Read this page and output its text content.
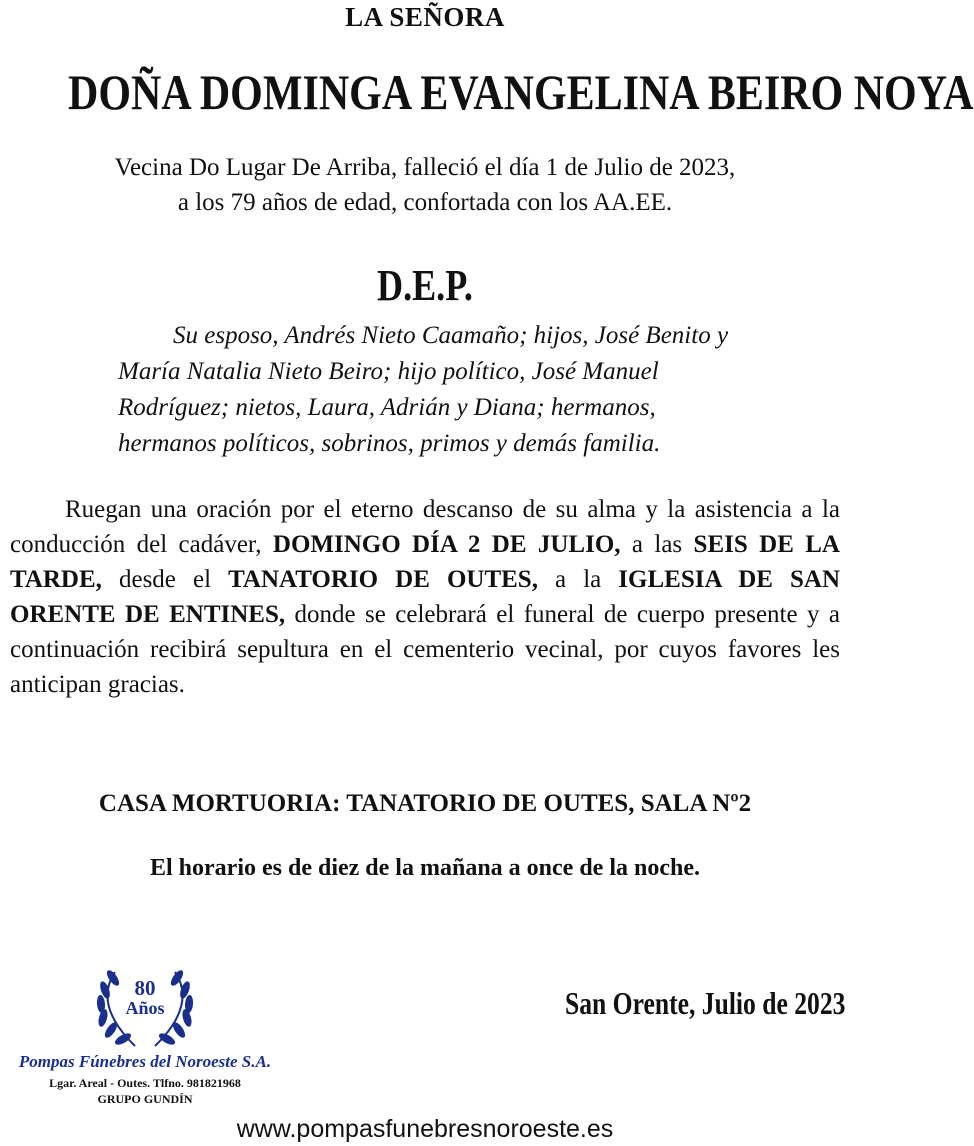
LA SEÑORA
DOÑA DOMINGA EVANGELINA BEIRO NOYA
Vecina Do Lugar De Arriba, falleció el día 1 de Julio de 2023,
a los 79 años de edad, confortada con los AA.EE.
D.E.P.
Su esposo, Andrés Nieto Caamaño; hijos, José Benito y
María Natalia Nieto Beiro; hijo político, José Manuel
Rodríguez; nietos, Laura, Adrián y Diana; hermanos,
hermanos políticos, sobrinos, primos y demás familia.
Ruegan una oración por el eterno descanso de su alma y la asistencia a la conducción del cadáver, DOMINGO DÍA 2 DE JULIO, a las SEIS DE LA TARDE, desde el TANATORIO DE OUTES, a la IGLESIA DE SAN ORENTE DE ENTINES, donde se celebrará el funeral de cuerpo presente y a continuación recibirá sepultura en el cementerio vecinal, por cuyos favores les anticipan gracias.
CASA MORTUORIA: TANATORIO DE OUTES, SALA Nº2
El horario es de diez de la mañana a once de la noche.
San Orente, Julio de 2023
80
Años
Pompas Fúnebres del Noroeste S.A.
Lgar. Areal - Outes. Tlfno. 981821968
GRUPO GUNDÍN
www.pompasfunebresnoroeste.es
